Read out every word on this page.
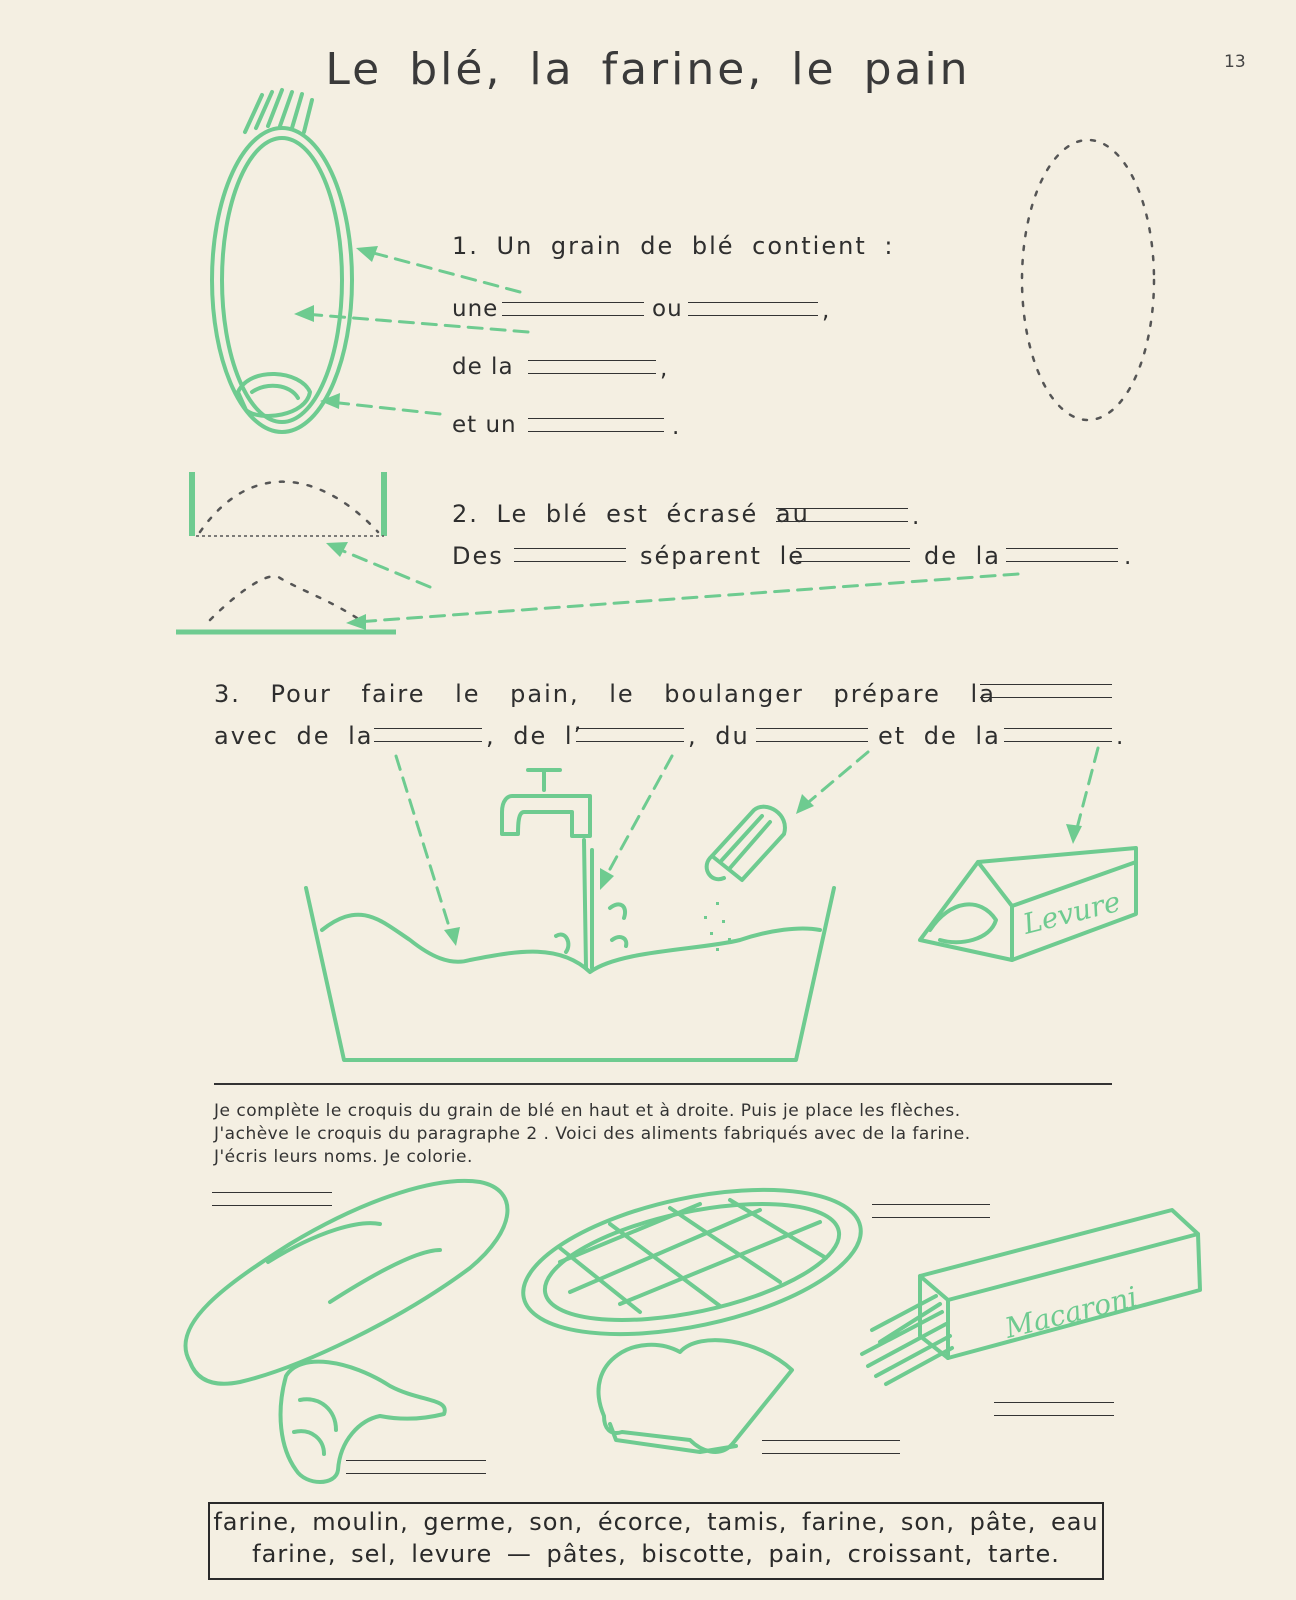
Levure
Macaroni
Le blé, la farine, le pain	13
1. Un grain de blé contient :
une	ou	,
de la	,
et un	.
2. Le blé est écrasé au	.
Des	séparent le	de la	.
3. Pour faire le pain, le boulanger prépare la
avec de la	, de l’	, du	et de la	.
Je complète le croquis du grain de blé en haut et à droite. Puis je place les flèches.
J'achève le croquis du paragraphe 2 . Voici des aliments fabriqués avec de la farine.
J'écris leurs noms. Je colorie.
farine, moulin, germe, son, écorce, tamis, farine, son, pâte, eau
farine, sel, levure — pâtes, biscotte, pain, croissant, tarte.
